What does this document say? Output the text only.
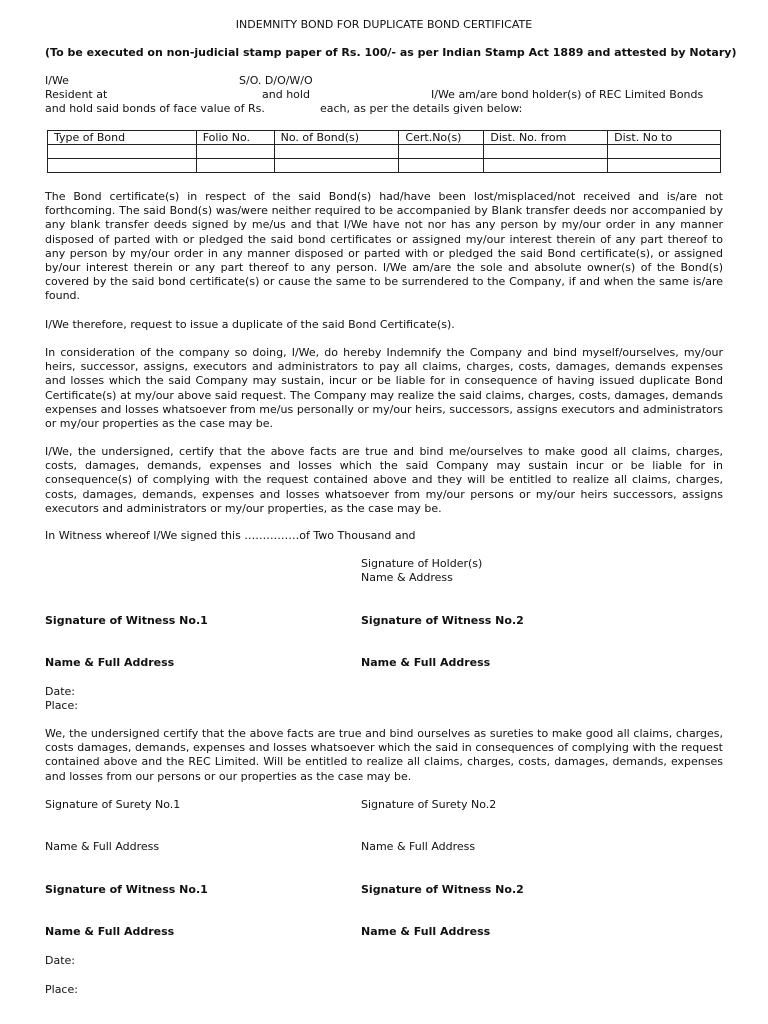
INDEMNITY BOND FOR DUPLICATE BOND CERTIFICATE
(To be executed on non-judicial stamp paper of Rs. 100/- as per Indian Stamp Act 1889 and attested by Notary)
I/We	S/O. D/O/W/O
Resident at	and hold	I/We am/are bond holder(s) of REC Limited Bonds
and hold said bonds of face value of Rs.	each, as per the details given below:
Type of Bond	Folio No.	No. of Bond(s)	Cert.No(s)	Dist. No. from	Dist. No to

The Bond certificate(s) in respect of the said Bond(s) had/have been lost/misplaced/not received and is/are not forthcoming. The said Bond(s) was/were neither required to be accompanied by Blank transfer deeds nor accompanied by any blank transfer deeds signed by me/us and that I/We have not nor has any person by my/our order in any manner disposed of parted with or pledged the said bond certificates or assigned my/our interest therein of any part thereof to any person by my/our order in any manner disposed or parted with or pledged the said Bond certificate(s), or assigned by/our interest therein or any part thereof to any person. I/We am/are the sole and absolute owner(s) of the Bond(s) covered by the said bond certificate(s) or cause the same to be surrendered to the Company, if and when the same is/are found.
I/We therefore, request to issue a duplicate of the said Bond Certificate(s).
In consideration of the company so doing, I/We, do hereby Indemnify the Company and bind myself/ourselves, my/our heirs, successor, assigns, executors and administrators to pay all claims, charges, costs, damages, demands expenses and losses which the said Company may sustain, incur or be liable for in consequence of having issued duplicate Bond Certificate(s) at my/our above said request. The Company may realize the said claims, charges, costs, damages, demands expenses and losses whatsoever from me/us personally or my/our heirs, successors, assigns executors and administrators or my/our properties as the case may be.
I/We, the undersigned, certify that the above facts are true and bind me/ourselves to make good all claims, charges, costs, damages, demands, expenses and losses which the said Company may sustain incur or be liable for in consequence(s) of complying with the request contained above and they will be entitled to realize all claims, charges, costs, damages, demands, expenses and losses whatsoever from my/our persons or my/our heirs successors, assigns executors and administrators or my/our properties, as the case may be.
In Witness whereof I/We signed this ……………of Two Thousand and
Signature of Holder(s)
Name & Address
Signature of Witness No.1	Signature of Witness No.2
Name & Full Address	Name & Full Address
Date:
Place:
We, the undersigned certify that the above facts are true and bind ourselves as sureties to make good all claims, charges, costs damages, demands, expenses and losses whatsoever which the said in consequences of complying with the request contained above and the REC Limited. Will be entitled to realize all claims, charges, costs, damages, demands, expenses and losses from our persons or our properties as the case may be.
Signature of Surety No.1	Signature of Surety No.2
Name & Full Address	Name & Full Address
Signature of Witness No.1	Signature of Witness No.2
Name & Full Address	Name & Full Address
Date:
Place:
